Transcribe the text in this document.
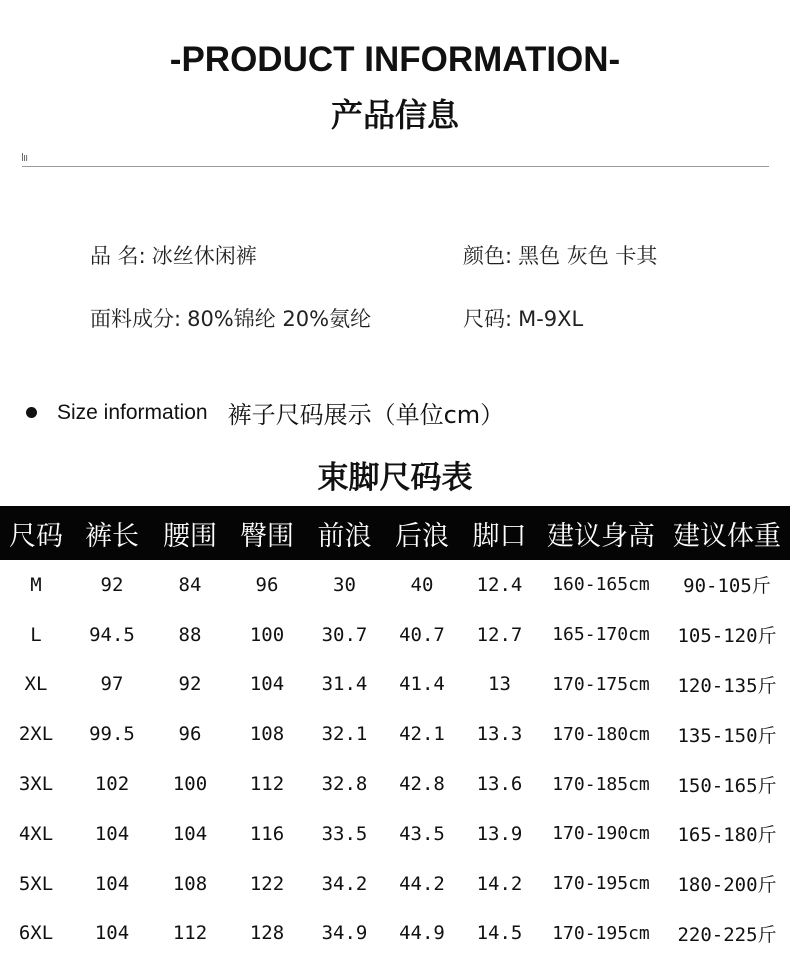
-PRODUCT INFORMATION-
产品信息
lıı
品 名: 冰丝休闲裤	颜色: 黑色 灰色 卡其
面料成分: 80%锦纶 20%氨纶	尺码: M-9XL
Size information 裤子尺码展示（单位cm）
束脚尺码表
尺码	裤长	腰围	臀围	前浪	后浪	脚口	建议身高	建议体重
M	92	84	96	30	40	12.4	160-165cm	90-105斤
L	94.5	88	100	30.7	40.7	12.7	165-170cm	105-120斤
XL	97	92	104	31.4	41.4	13	170-175cm	120-135斤
2XL	99.5	96	108	32.1	42.1	13.3	170-180cm	135-150斤
3XL	102	100	112	32.8	42.8	13.6	170-185cm	150-165斤
4XL	104	104	116	33.5	43.5	13.9	170-190cm	165-180斤
5XL	104	108	122	34.2	44.2	14.2	170-195cm	180-200斤
6XL	104	112	128	34.9	44.9	14.5	170-195cm	220-225斤
